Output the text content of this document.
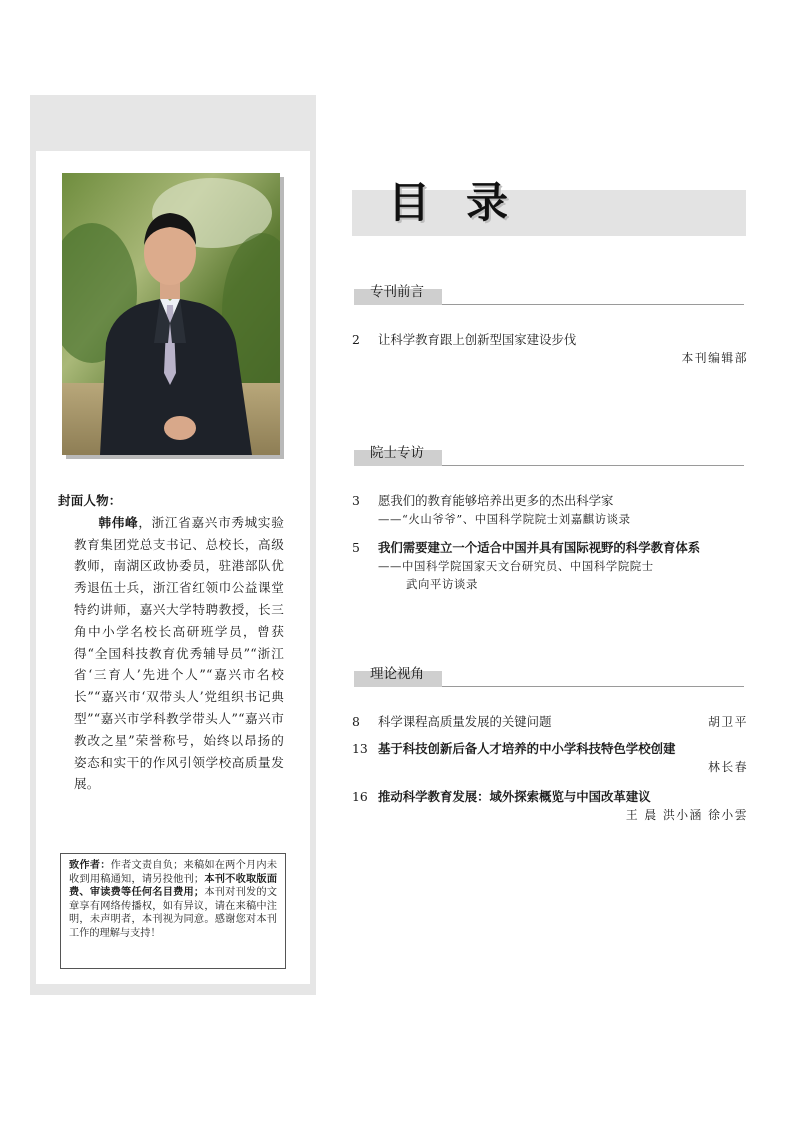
封面人物：
韩伟峰，浙江省嘉兴市秀城实验教育集团党总支书记、总校长，高级教师，南湖区政协委员，驻港部队优秀退伍士兵，浙江省红领巾公益课堂特约讲师，嘉兴大学特聘教授，长三角中小学名校长高研班学员，曾获得“全国科技教育优秀辅导员”“浙江省‘三育人’先进个人”“嘉兴市名校长”“嘉兴市‘双带头人’党组织书记典型”“嘉兴市学科教学带头人”“嘉兴市教改之星”荣誉称号，始终以昂扬的姿态和实干的作风引领学校高质量发展。
致作者：作者文责自负；来稿如在两个月内未收到用稿通知，请另投他刊；本刊不收取版面费、审读费等任何名目费用；本刊对刊发的文章享有网络传播权，如有异议，请在来稿中注明，未声明者，本刊视为同意。感谢您对本刊工作的理解与支持！
目录
专刊前言
2 让科学教育跟上创新型国家建设步伐
本刊编辑部
院士专访
3 愿我们的教育能够培养出更多的杰出科学家
——“火山爷爷”、中国科学院院士刘嘉麒访谈录
5 我们需要建立一个适合中国并具有国际视野的科学教育体系
——中国科学院国家天文台研究员、中国科学院院士
武向平访谈录
理论视角
8 科学课程高质量发展的关键问题	胡卫平
13 基于科技创新后备人才培养的中小学科技特色学校创建
林长春
16 推动科学教育发展：域外探索概览与中国改革建议
王 晨 洪小涵 徐小雲
